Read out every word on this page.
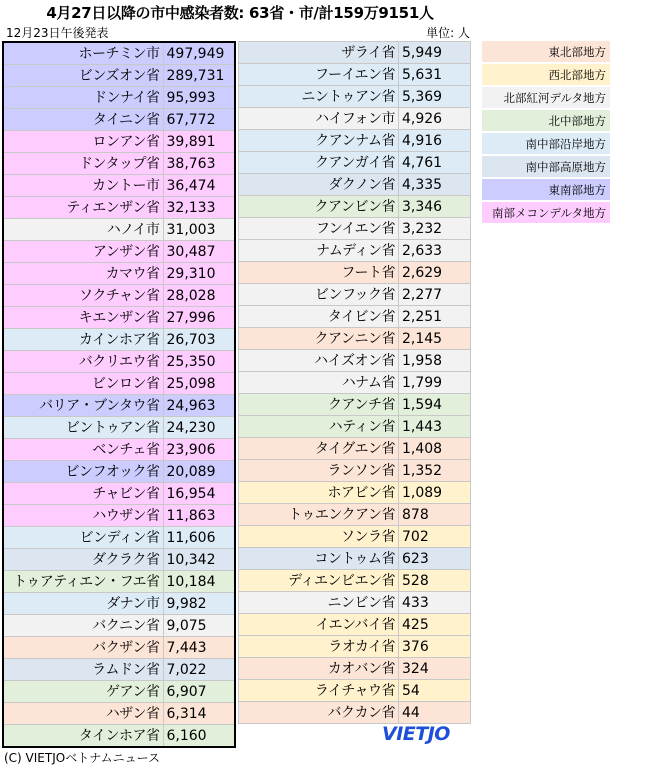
4月27日以降の市中感染者数: 63省・市/計159万9151人
12月23日午後発表	単位: 人
ホーチミン市	497,949
ビンズオン省	289,731
ドンナイ省	95,993
タイニン省	67,772
ロンアン省	39,891
ドンタップ省	38,763
カントー市	36,474
ティエンザン省	32,133
ハノイ市	31,003
アンザン省	30,487
カマウ省	29,310
ソクチャン省	28,028
キエンザン省	27,996
カインホア省	26,703
バクリエウ省	25,350
ビンロン省	25,098
バリア・ブンタウ省	24,963
ビントゥアン省	24,230
ベンチェ省	23,906
ビンフオック省	20,089
チャビン省	16,954
ハウザン省	11,863
ビンディン省	11,606
ダクラク省	10,342
トゥアティエン・フエ省	10,184
ダナン市	9,982
バクニン省	9,075
バクザン省	7,443
ラムドン省	7,022
ゲアン省	6,907
ハザン省	6,314
タインホア省	6,160
ザライ省	5,949
フーイエン省	5,631
ニントゥアン省	5,369
ハイフォン市	4,926
クアンナム省	4,916
クアンガイ省	4,761
ダクノン省	4,335
クアンビン省	3,346
フンイエン省	3,232
ナムディン省	2,633
フート省	2,629
ビンフック省	2,277
タイビン省	2,251
クアンニン省	2,145
ハイズオン省	1,958
ハナム省	1,799
クアンチ省	1,594
ハティン省	1,443
タイグエン省	1,408
ランソン省	1,352
ホアビン省	1,089
トゥエンクアン省	878
ソンラ省	702
コントゥム省	623
ディエンビエン省	528
ニンビン省	433
イエンバイ省	425
ラオカイ省	376
カオバン省	324
ライチャウ省	54
バクカン省	44
東北部地方
西北部地方
北部紅河デルタ地方
北中部地方
南中部沿岸地方
南中部高原地方
東南部地方
南部メコンデルタ地方
VIETJO
(C) VIETJOベトナムニュース
